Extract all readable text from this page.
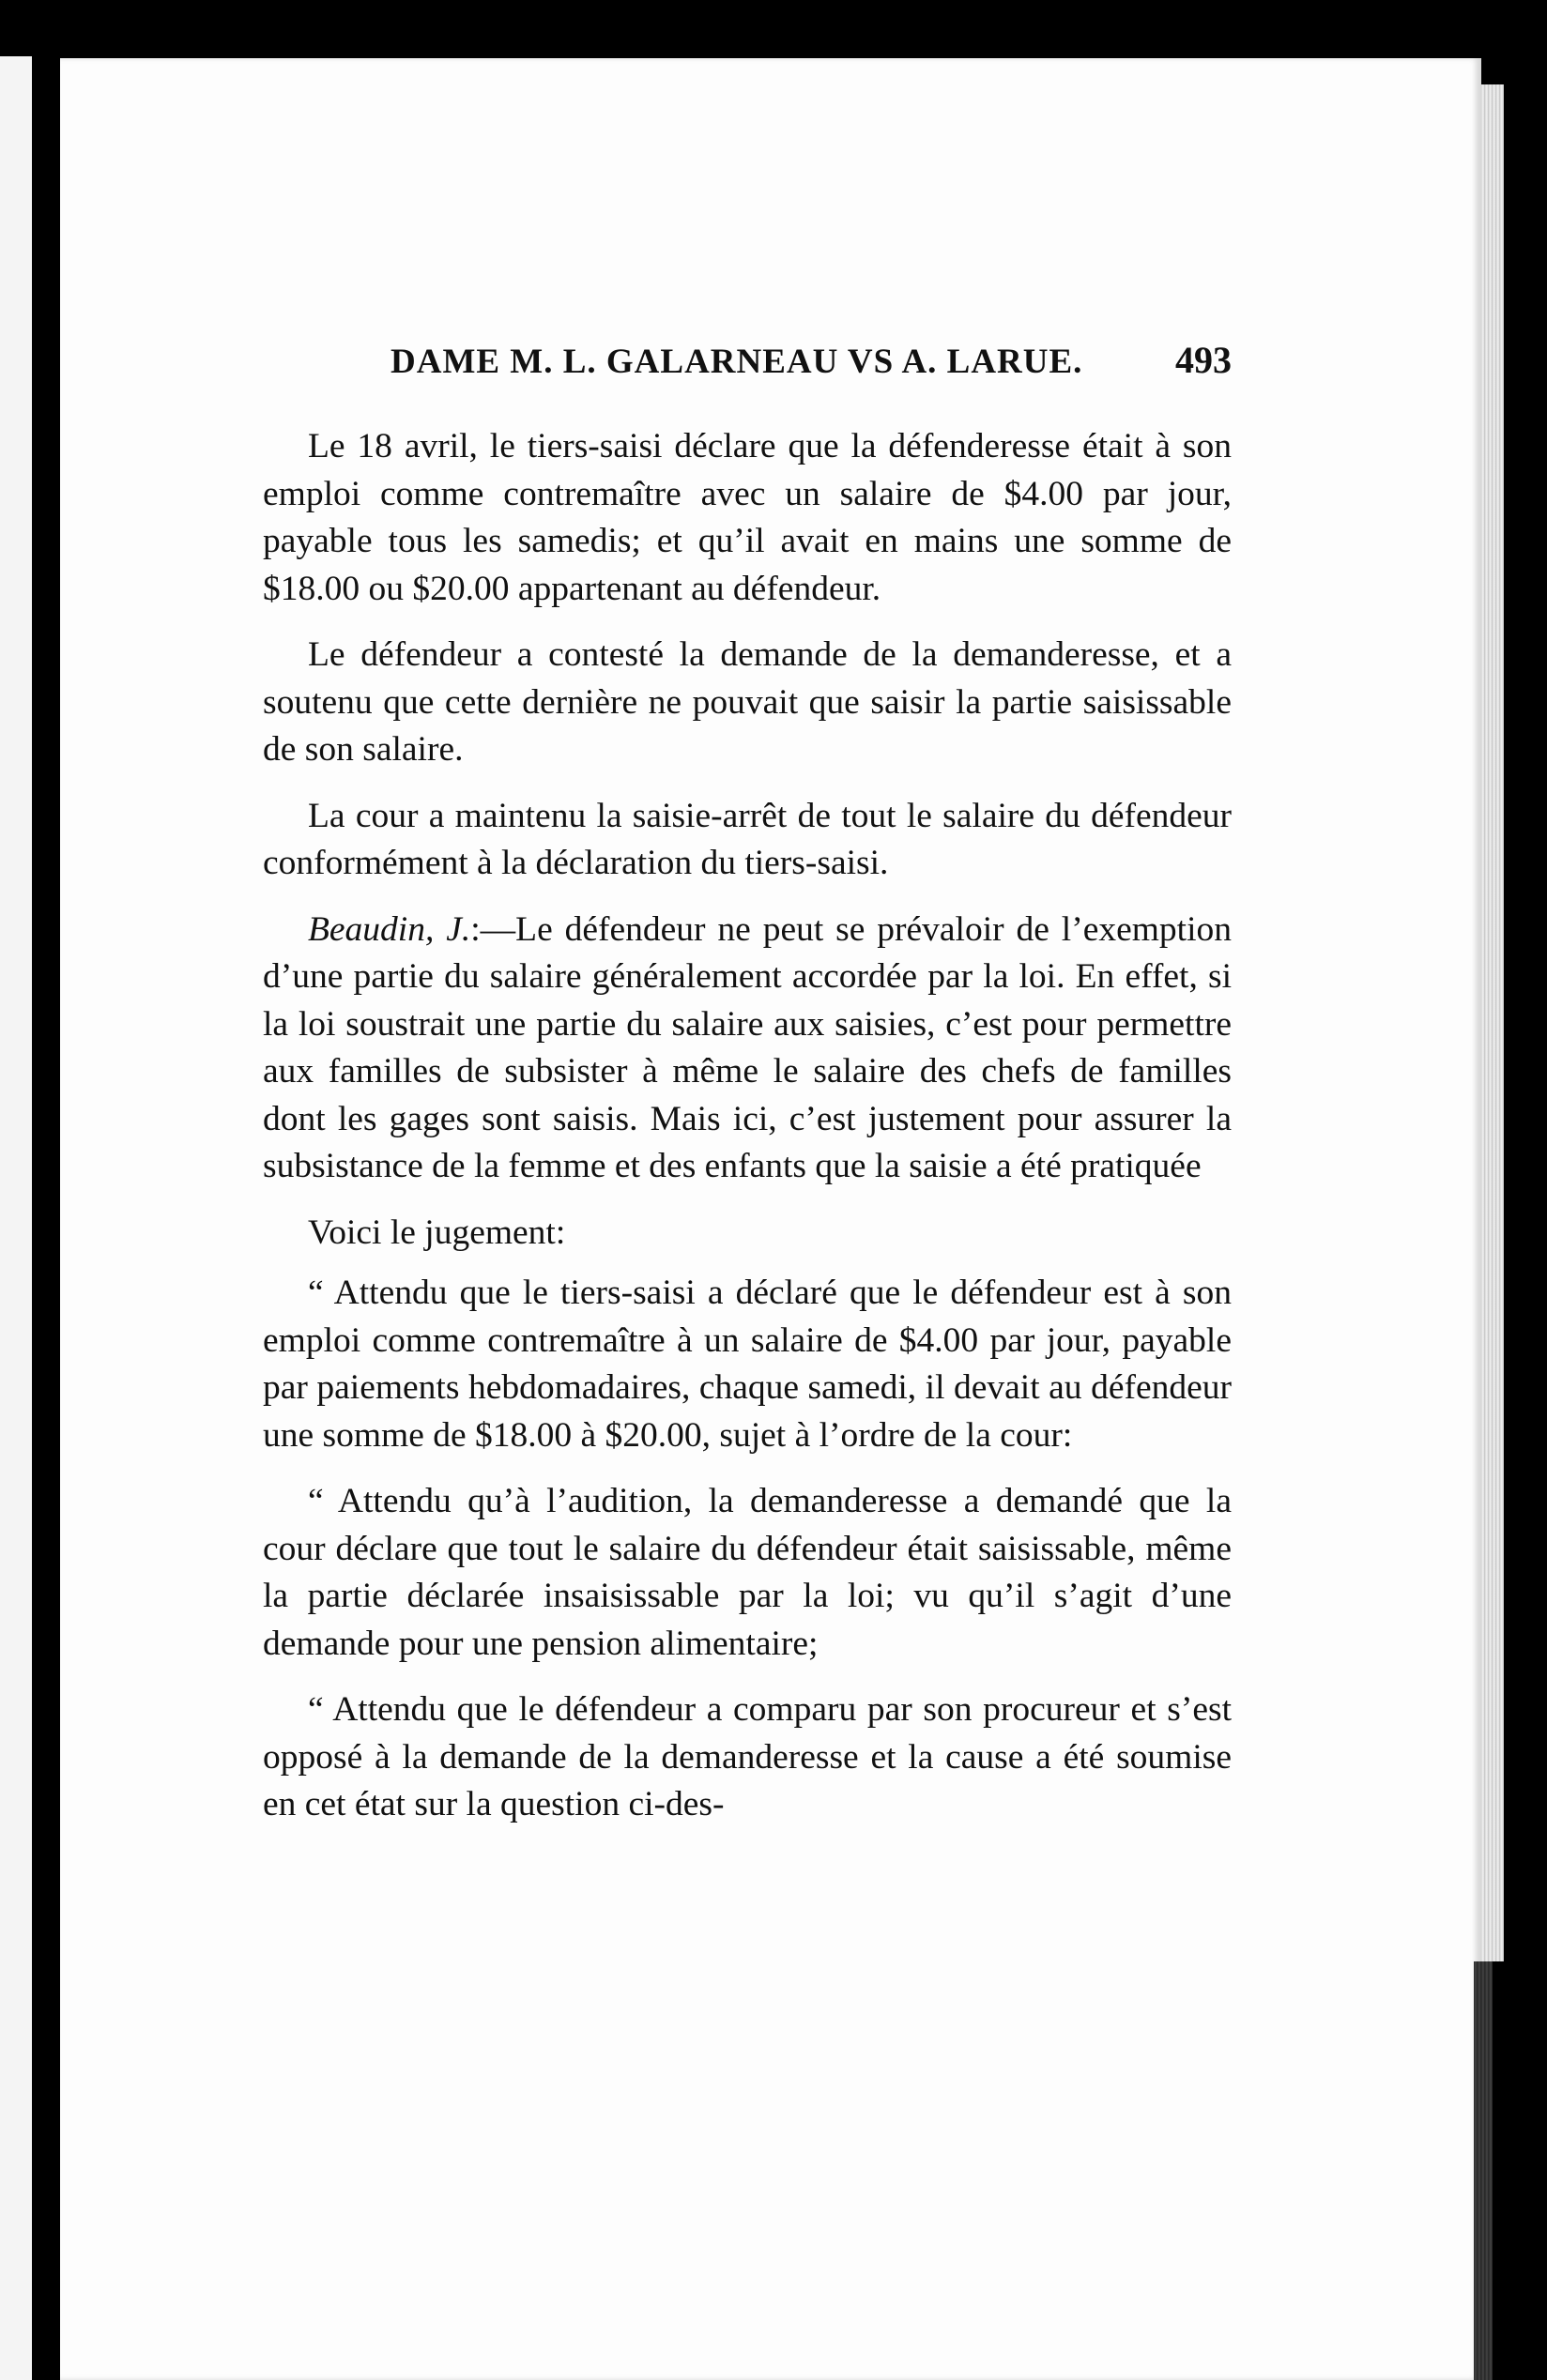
DAME M. L. GALARNEAU VS A. LARUE. 493

Le 18 avril, le tiers-saisi déclare que la défenderesse était à son emploi comme contremaître avec un salaire de $4.00 par jour, payable tous les samedis; et qu’il avait en mains une somme de $18.00 ou $20.00 appartenant au défendeur.

Le défendeur a contesté la demande de la demanderesse, et a soutenu que cette dernière ne pouvait que saisir la partie saisissable de son salaire.

La cour a maintenu la saisie-arrêt de tout le salaire du défendeur conformément à la déclaration du tiers-saisi.

Beaudin, J.:—Le défendeur ne peut se prévaloir de l’exemption d’une partie du salaire généralement accordée par la loi. En effet, si la loi soustrait une partie du salaire aux saisies, c’est pour permettre aux familles de subsister à même le salaire des chefs de familles dont les gages sont saisis. Mais ici, c’est justement pour assurer la subsistance de la femme et des enfants que la saisie a été pratiquée

Voici le jugement:

“ Attendu que le tiers-saisi a déclaré que le défendeur est à son emploi comme contremaître à un salaire de $4.00 par jour, payable par paiements hebdomadaires, chaque samedi, il devait au défendeur une somme de $18.00 à $20.00, sujet à l’ordre de la cour:

“ Attendu qu’à l’audition, la demanderesse a demandé que la cour déclare que tout le salaire du défendeur était saisissable, même la partie déclarée insaisissable par la loi; vu qu’il s’agit d’une demande pour une pension alimentaire;

“ Attendu que le défendeur a comparu par son procureur et s’est opposé à la demande de la demanderesse et la cause a été soumise en cet état sur la question ci-des-
